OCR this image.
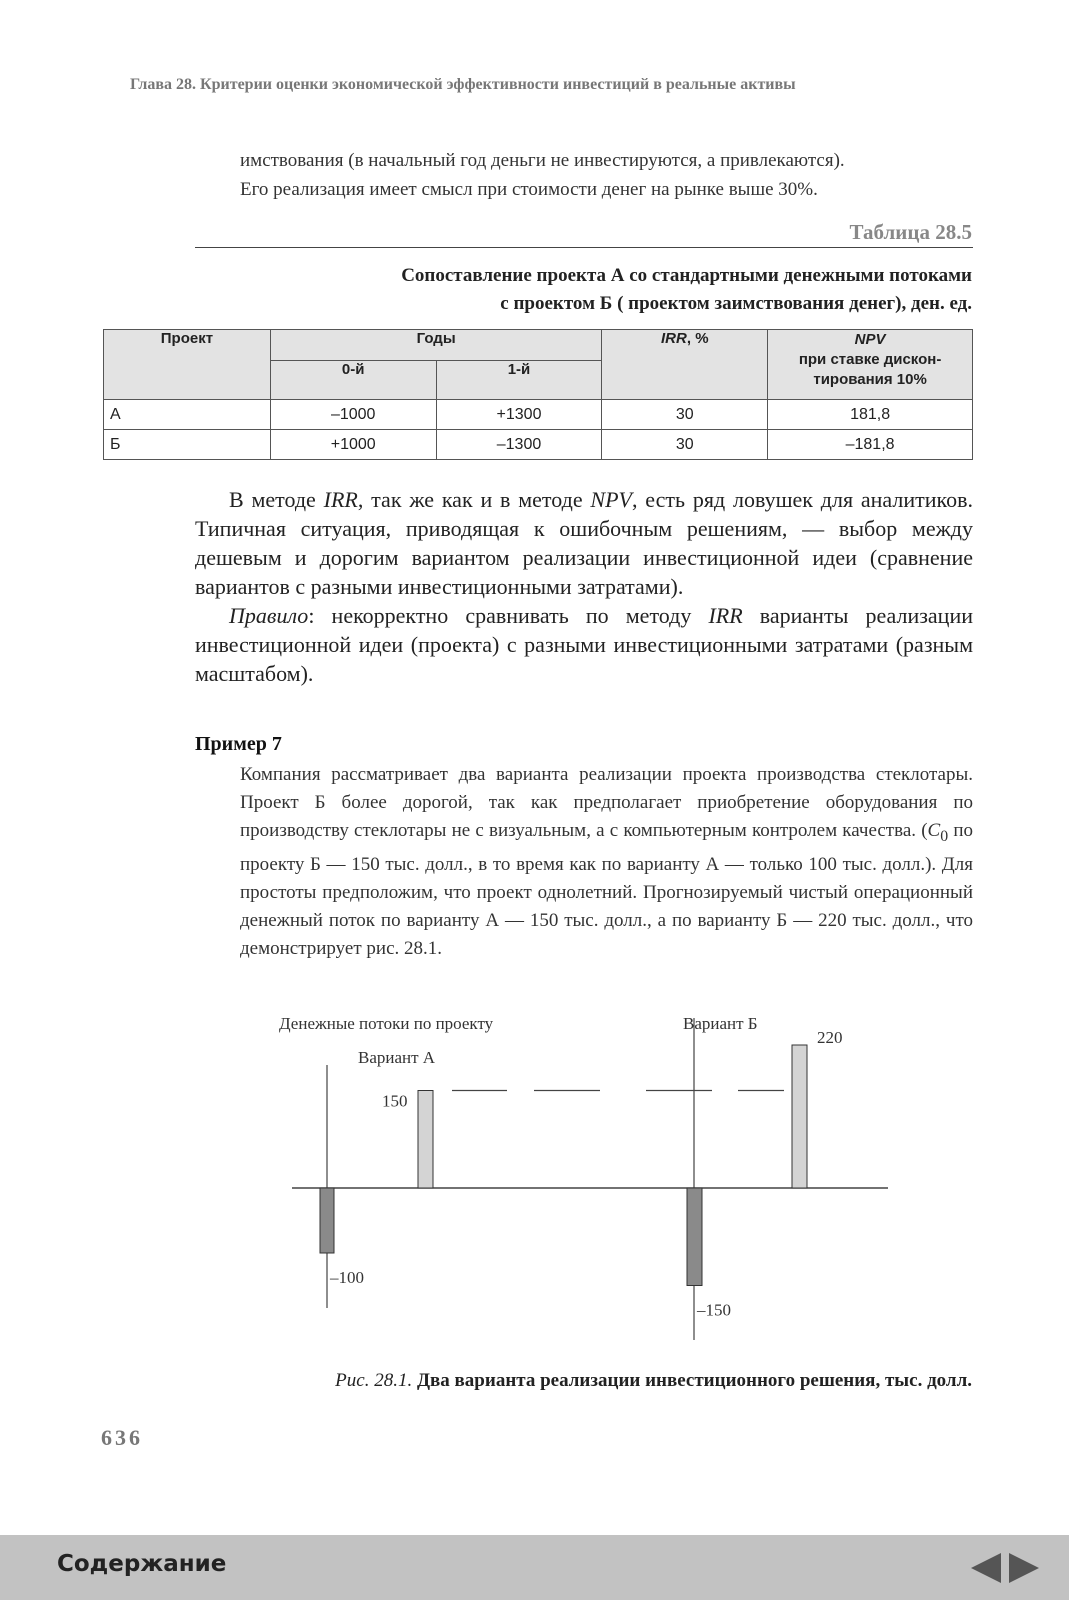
Глава 28. Критерии оценки экономической эффективности инвестиций в реальные активы

имствования (в начальный год деньги не инвестируются, а привлекаются).

Его реализация имеет смысл при стоимости денег на рынке выше 30%.

Таблица 28.5
Сопоставление проекта А со стандартными денежными потоками
с проектом Б ( проектом заимствования денег), ден. ед.
Проект	Годы		IRR, %	NPV
при ставке дискон-
тирования 10%

	0-й	1-й		
А	–1000	+1300	30	181,8
Б	+1000	–1300	30	–181,8

В методе IRR, так же как и в методе NPV, есть ряд ловушек для аналитиков. Типичная ситуация, приводящая к ошибочным решениям, — выбор между дешевым и дорогим вариантом реализации инвестиционной идеи (сравнение вариантов с разными инвестиционными затратами).

Правило: некорректно сравнивать по методу IRR варианты реализации инвестиционной идеи (проекта) с разными инвестиционными затратами (разным масштабом).

Пример 7

Компания рассматривает два варианта реализации проекта производства стеклотары. Проект Б более дорогой, так как предполагает приобретение оборудования по производству стеклотары не с визуальным, а с компьютерным контролем качества. ($C_0$ по проекту Б — 150 тыс. долл., в то время как по варианту А — только 100 тыс. долл.). Для простоты предположим, что проект однолетний. Прогнозируемый чистый операционный денежный поток по варианту А — 150 тыс. долл., а по варианту Б — 220 тыс. долл., что демонстрирует рис. 28.1.

Денежные потоки по проекту
Вариант А
Вариант Б
–100
150
–150
220
Рис. 28.1. Два варианта реализации инвестиционного решения, тыс. долл.
636
Содержание
